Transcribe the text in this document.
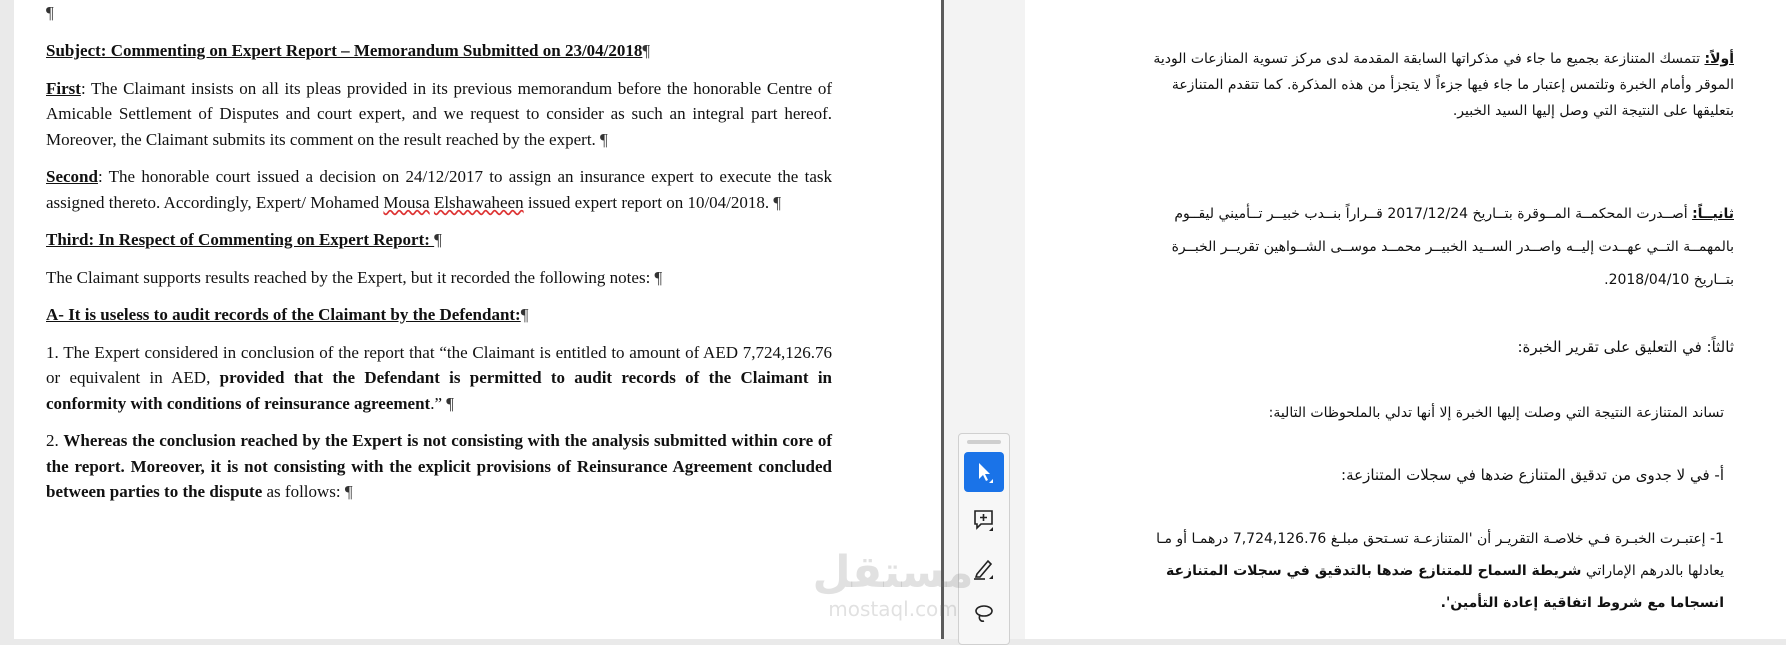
¶

Subject: Commenting on Expert Report – Memorandum Submitted on 23/04/2018¶

First: The Claimant insists on all its pleas provided in its previous memorandum before the honorable Centre of Amicable Settlement of Disputes and court expert, and we request to consider as such an integral part hereof. Moreover, the Claimant submits its comment on the result reached by the expert. ¶

Second: The honorable court issued a decision on 24/12/2017 to assign an insurance expert to execute the task assigned thereto. Accordingly, Expert/ Mohamed Mousa Elshawaheen issued expert report on 10/04/2018. ¶

Third: In Respect of Commenting on Expert Report: ¶

The Claimant supports results reached by the Expert, but it recorded the following notes: ¶

A- It is useless to audit records of the Claimant by the Defendant:¶

1. The Expert considered in conclusion of the report that “the Claimant is entitled to amount of AED 7,724,126.76 or equivalent in AED, provided that the Defendant is permitted to audit records of the Claimant in conformity with conditions of reinsurance agreement.” ¶

2. Whereas the conclusion reached by the Expert is not consisting with the analysis submitted within core of the report. Moreover, it is not consisting with the explicit provisions of Reinsurance Agreement concluded between parties to the dispute as follows: ¶

أولاً: تتمسك المتنازعة بجميع ما جاء في مذكراتها السابقة المقدمة لدى مركز تسوية المنازعات الودية الموقر وأمام الخبرة وتلتمس إعتبار ما جاء فيها جزءاً لا يتجزأ من هذه المذكرة. كما تتقدم المتنازعة بتعليقها على النتيجة التي وصل إليها السيد الخبير.
ثانيــاً: أصــدرت المحكمــة المــوقرة بتــاريخ 2017/12/24 قــراراً بنــدب خبيــر تــأميني ليقــوم بالمهمــة التــي عهــدت إليــه واصــدر الســيد الخبيــر محمــد موســى الشــواهين تقريــر الخبــرة بتــاريخ 2018/04/10.
ثالثاً: في التعليق على تقرير الخبرة:
تساند المتنازعة النتيجة التي وصلت إليها الخبرة إلا أنها تدلي بالملحوظات التالية:
أ- في لا جدوى من تدقيق المتنازع ضدها في سجلات المتنازعة:
1- إعتبـرت الخبـرة فـي خلاصـة التقريـر أن 'المتنازعـة تسـتحق مبلـغ 7,724,126.76 درهمـا أو مـا يعادلها بالدرهم الإماراتي شريطة السماح للمتنازع ضدها بالتدقيق في سجلات المتنازعة انسجاما مع شروط اتفاقية إعادة التأمين'.
مستقل
mostaql.com
